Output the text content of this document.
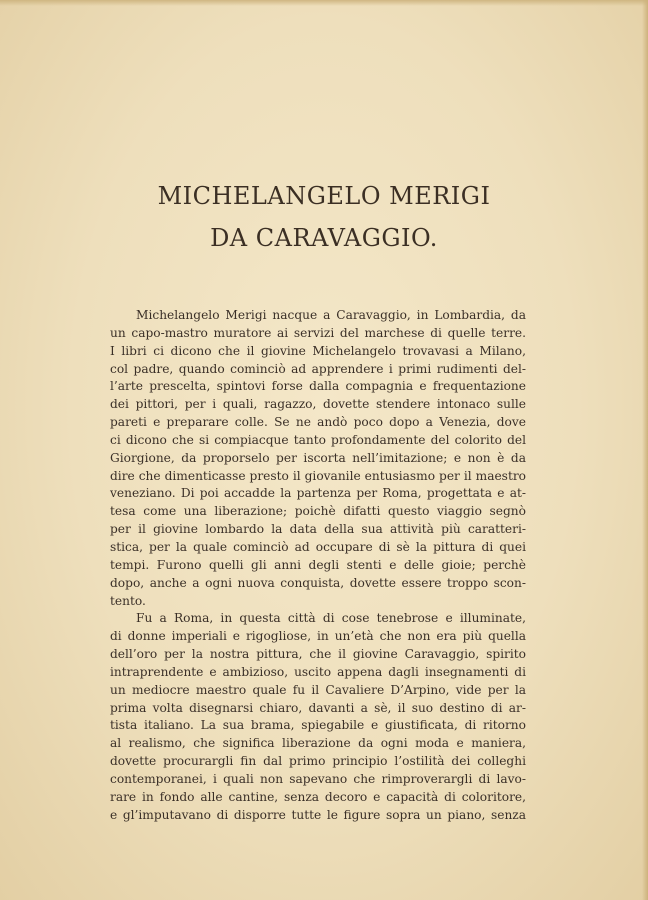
MICHELANGELO MERIGI
DA CARAVAGGIO.
Michelangelo Merigi nacque a Caravaggio, in Lombardia, da
un capo-mastro muratore ai servizi del marchese di quelle terre.
I libri ci dicono che il giovine Michelangelo trovavasi a Milano,
col padre, quando cominciò ad apprendere i primi rudimenti del-
l’arte prescelta, spintovi forse dalla compagnia e frequentazione
dei pittori, per i quali, ragazzo, dovette stendere intonaco sulle
pareti e preparare colle. Se ne andò poco dopo a Venezia, dove
ci dicono che si compiacque tanto profondamente del colorito del
Giorgione, da proporselo per iscorta nell’imitazione; e non è da
dire che dimenticasse presto il giovanile entusiasmo per il maestro
veneziano. Di poi accadde la partenza per Roma, progettata e at-
tesa come una liberazione; poichè difatti questo viaggio segnò
per il giovine lombardo la data della sua attività più caratteri-
stica, per la quale cominciò ad occupare di sè la pittura di quei
tempi. Furono quelli gli anni degli stenti e delle gioie; perchè
dopo, anche a ogni nuova conquista, dovette essere troppo scon-
tento.
Fu a Roma, in questa città di cose tenebrose e illuminate,
di donne imperiali e rigogliose, in un’età che non era più quella
dell’oro per la nostra pittura, che il giovine Caravaggio, spirito
intraprendente e ambizioso, uscito appena dagli insegnamenti di
un mediocre maestro quale fu il Cavaliere D’Arpino, vide per la
prima volta disegnarsi chiaro, davanti a sè, il suo destino di ar-
tista italiano. La sua brama, spiegabile e giustificata, di ritorno
al realismo, che significa liberazione da ogni moda e maniera,
dovette procurargli fin dal primo principio l’ostilità dei colleghi
contemporanei, i quali non sapevano che rimproverargli di lavo-
rare in fondo alle cantine, senza decoro e capacità di coloritore,
e gl’imputavano di disporre tutte le figure sopra un piano, senza
